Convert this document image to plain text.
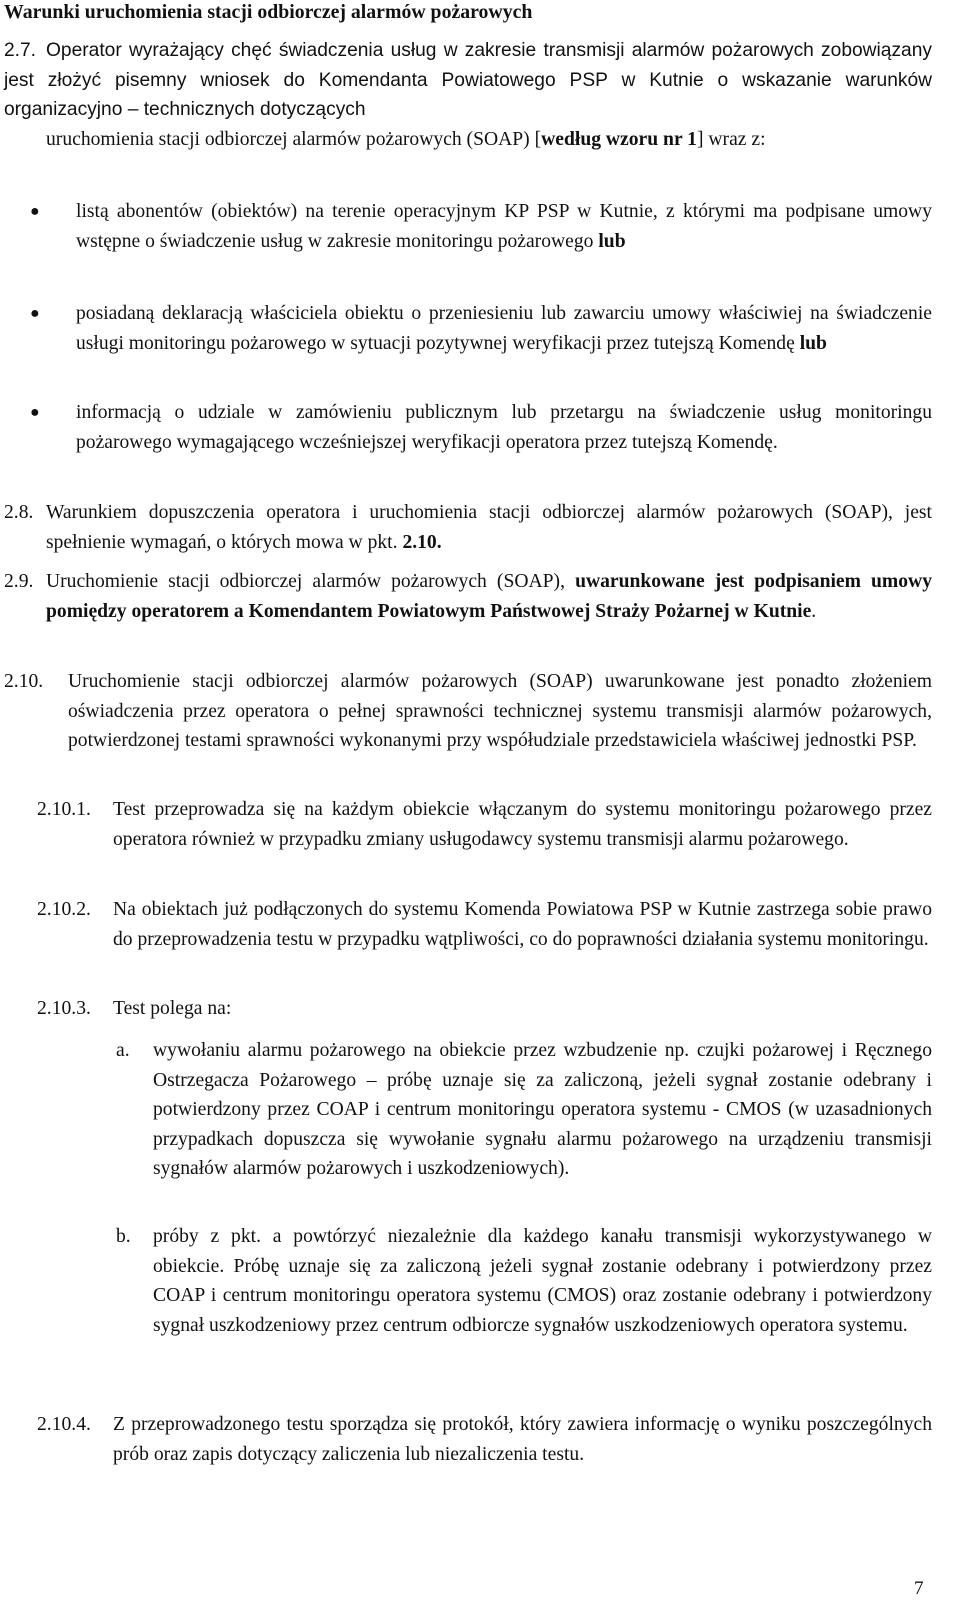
Warunki uruchomienia stacji odbiorczej alarmów pożarowych
2.7. Operator wyrażający chęć świadczenia usług w zakresie transmisji alarmów pożarowych zobowiązany jest złożyć pisemny wniosek do Komendanta Powiatowego PSP w Kutnie o wskazanie warunków organizacyjno – technicznych dotyczących
uruchomienia stacji odbiorczej alarmów pożarowych (SOAP) [według wzoru nr 1] wraz z:
●	listą abonentów (obiektów) na terenie operacyjnym KP PSP w Kutnie, z którymi ma podpisane umowy wstępne o świadczenie usług w zakresie monitoringu pożarowego lub
●	posiadaną deklaracją właściciela obiektu o przeniesieniu lub zawarciu umowy właściwiej na świadczenie usługi monitoringu pożarowego w sytuacji pozytywnej weryfikacji przez tutejszą Komendę lub
●	informacją o udziale w zamówieniu publicznym lub przetargu na świadczenie usług monitoringu pożarowego wymagającego wcześniejszej weryfikacji operatora przez tutejszą Komendę.
2.8. Warunkiem dopuszczenia operatora i uruchomienia stacji odbiorczej alarmów pożarowych (SOAP), jest spełnienie wymagań, o których mowa w pkt. 2.10.
2.9. Uruchomienie stacji odbiorczej alarmów pożarowych (SOAP), uwarunkowane jest podpisaniem umowy pomiędzy operatorem a Komendantem Powiatowym Państwowej Straży Pożarnej w Kutnie.
2.10. Uruchomienie stacji odbiorczej alarmów pożarowych (SOAP) uwarunkowane jest ponadto złożeniem oświadczenia przez operatora o pełnej sprawności technicznej systemu transmisji alarmów pożarowych, potwierdzonej testami sprawności wykonanymi przy współudziale przedstawiciela właściwej jednostki PSP.
2.10.1. Test przeprowadza się na każdym obiekcie włączanym do systemu monitoringu pożarowego przez operatora również w przypadku zmiany usługodawcy systemu transmisji alarmu pożarowego.
2.10.2. Na obiektach już podłączonych do systemu Komenda Powiatowa PSP w Kutnie zastrzega sobie prawo do przeprowadzenia testu w przypadku wątpliwości, co do poprawności działania systemu monitoringu.
2.10.3. Test polega na:
a. wywołaniu alarmu pożarowego na obiekcie przez wzbudzenie np. czujki pożarowej i Ręcznego Ostrzegacza Pożarowego – próbę uznaje się za zaliczoną, jeżeli sygnał zostanie odebrany i potwierdzony przez COAP i centrum monitoringu operatora systemu - CMOS (w uzasadnionych przypadkach dopuszcza się wywołanie sygnału alarmu pożarowego na urządzeniu transmisji sygnałów alarmów pożarowych i uszkodzeniowych).
b. próby z pkt. a powtórzyć niezależnie dla każdego kanału transmisji wykorzystywanego w obiekcie. Próbę uznaje się za zaliczoną jeżeli sygnał zostanie odebrany i potwierdzony przez COAP i centrum monitoringu operatora systemu (CMOS) oraz zostanie odebrany i potwierdzony sygnał uszkodzeniowy przez centrum odbiorcze sygnałów uszkodzeniowych operatora systemu.
2.10.4. Z przeprowadzonego testu sporządza się protokół, który zawiera informację o wyniku poszczególnych prób oraz zapis dotyczący zaliczenia lub niezaliczenia testu.
7
